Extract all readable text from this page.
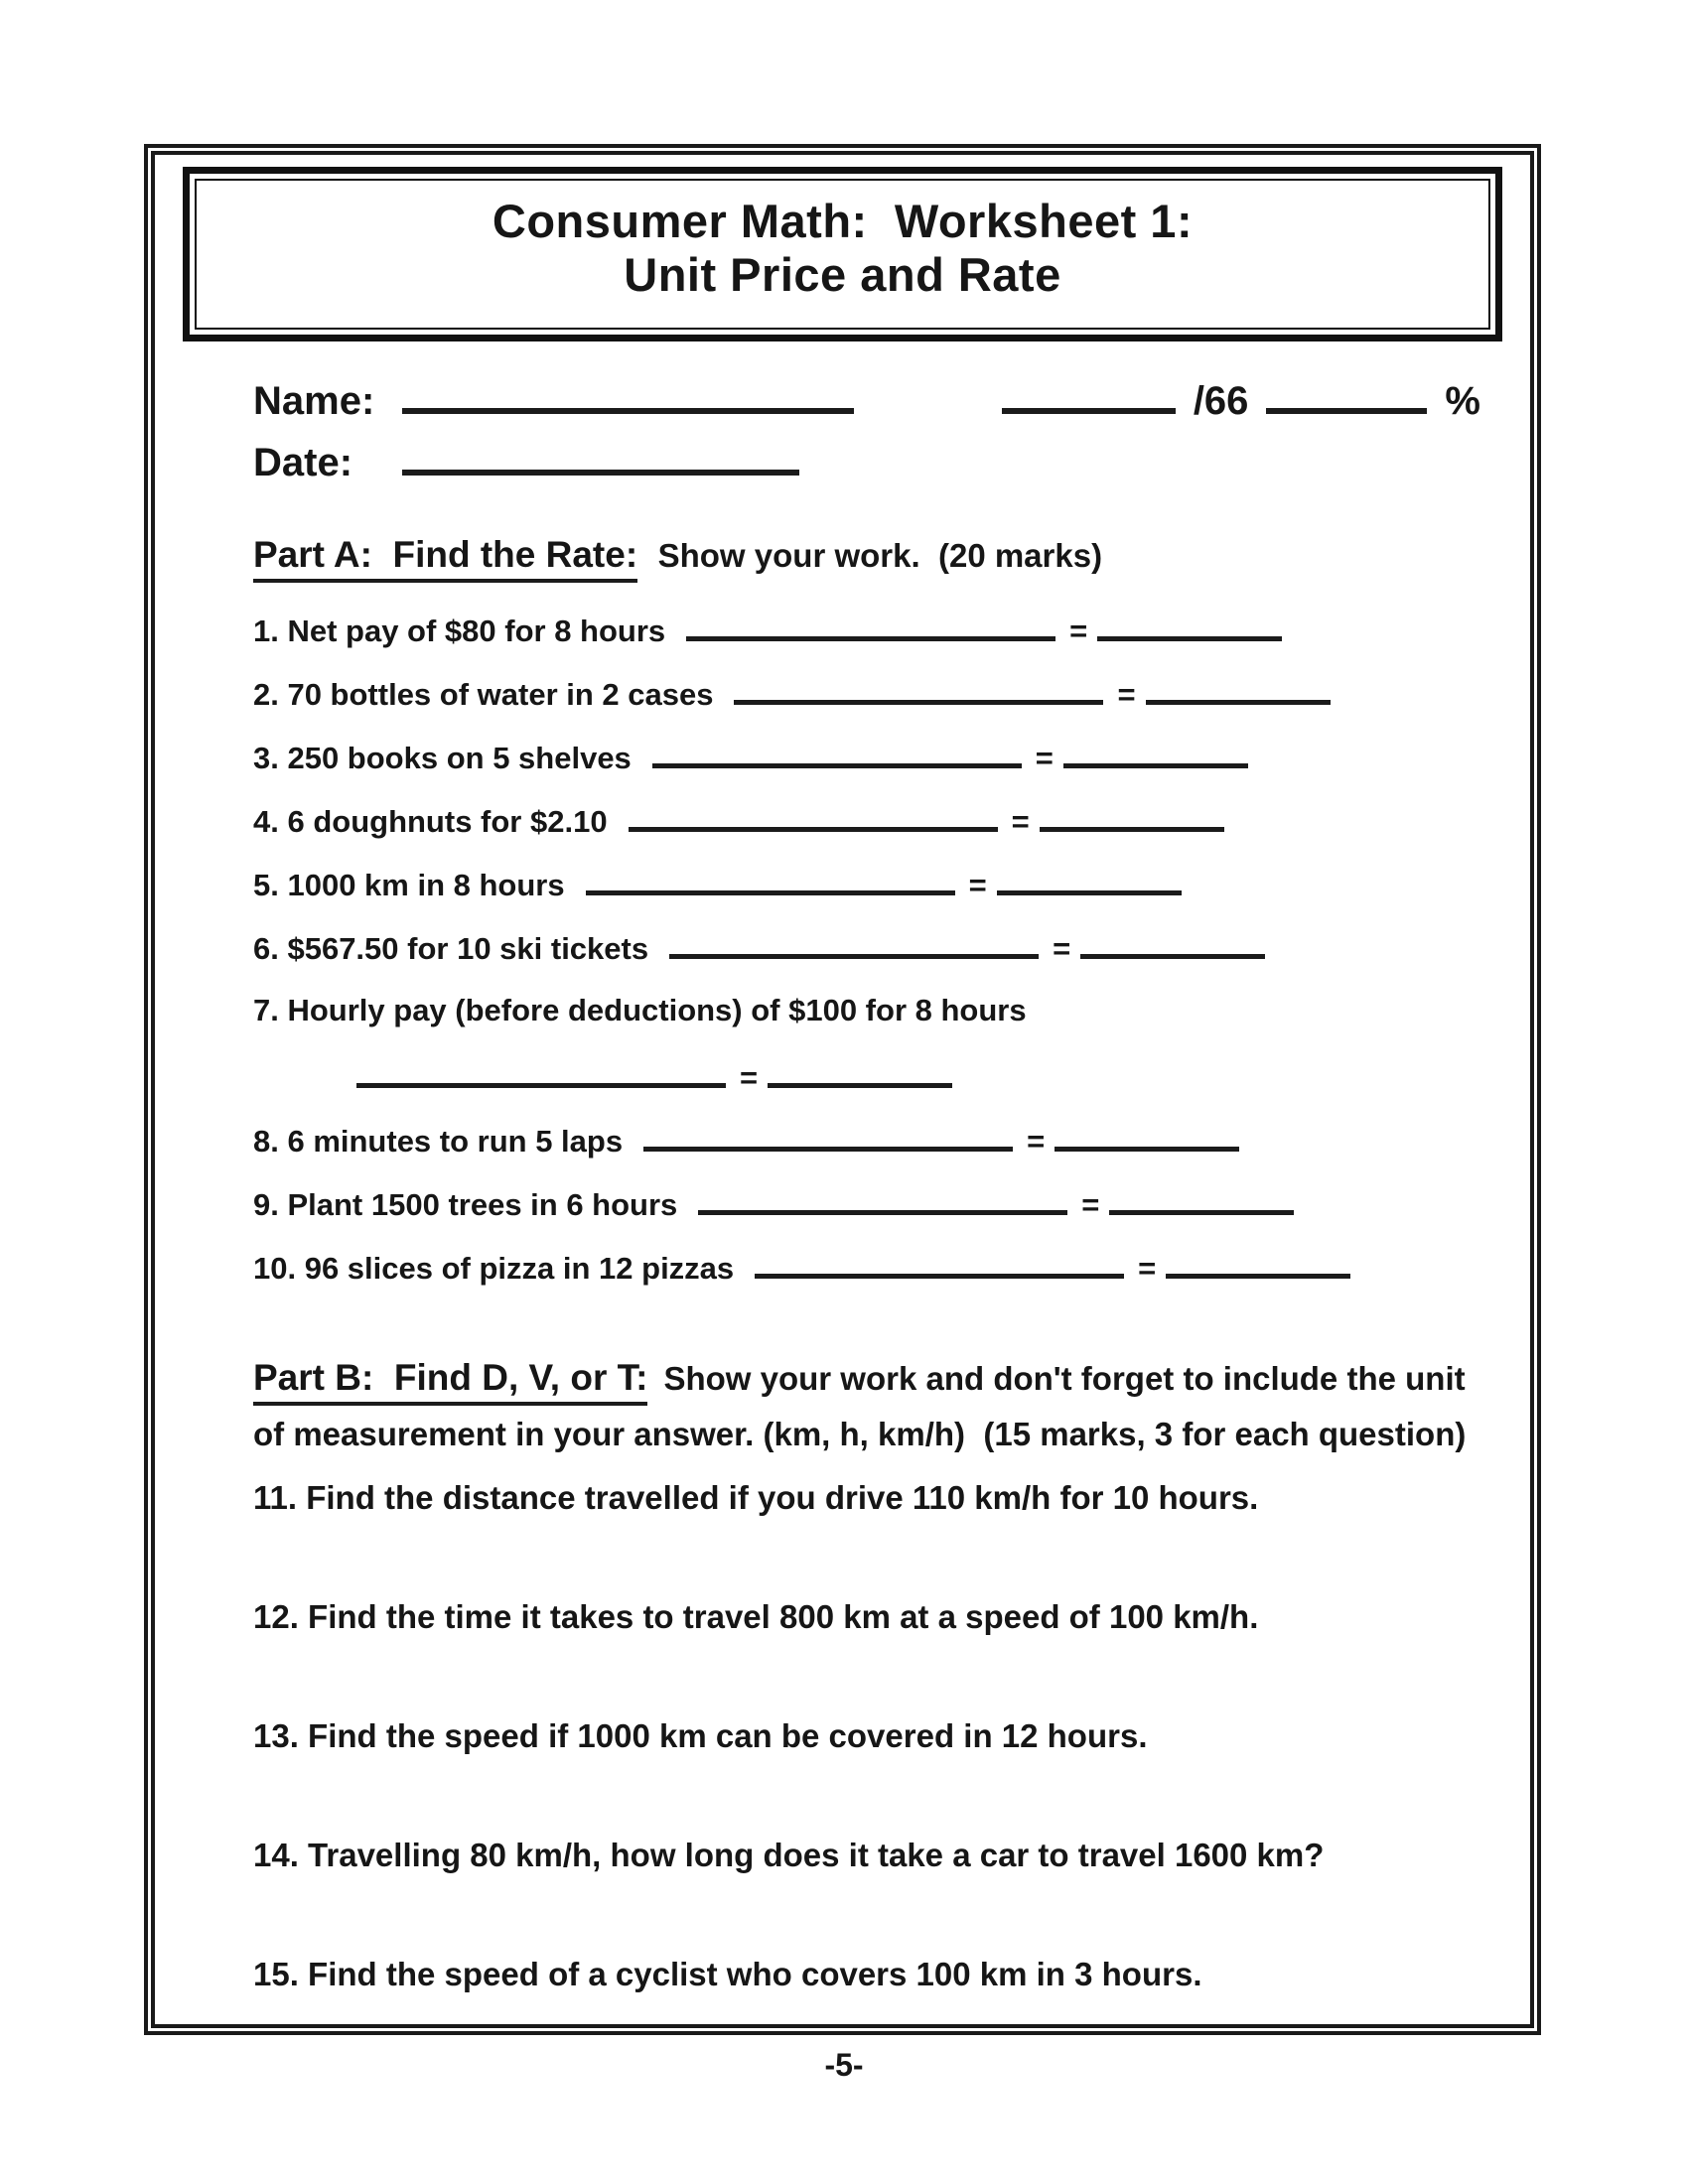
Consumer Math:  Worksheet 1:
Unit Price and Rate
Name:	/66	%
Date:

Part A:  Find the Rate: Show your work.  (20 marks)

1. Net pay of $80 for 8 hours	=

2. 70 bottles of water in 2 cases	=

3. 250 books on 5 shelves	=

4. 6 doughnuts for $2.10	=

5. 1000 km in 8 hours	=

6. $567.50 for 10 ski tickets	=

7. Hourly pay (before deductions) of $100 for 8 hours

=

8. 6 minutes to run 5 laps	=

9. Plant 1500 trees in 6 hours	=

10. 96 slices of pizza in 12 pizzas	=

Part B:  Find D, V, or T: Show your work and don't forget to include the unit of measurement in your answer. (km, h, km/h)  (15 marks, 3 for each question)

11. Find the distance travelled if you drive 110 km/h for 10 hours.

12. Find the time it takes to travel 800 km at a speed of 100 km/h.

13. Find the speed if 1000 km can be covered in 12 hours.

14. Travelling 80 km/h, how long does it take a car to travel 1600 km?

15. Find the speed of a cyclist who covers 100 km in 3 hours.

-5-
